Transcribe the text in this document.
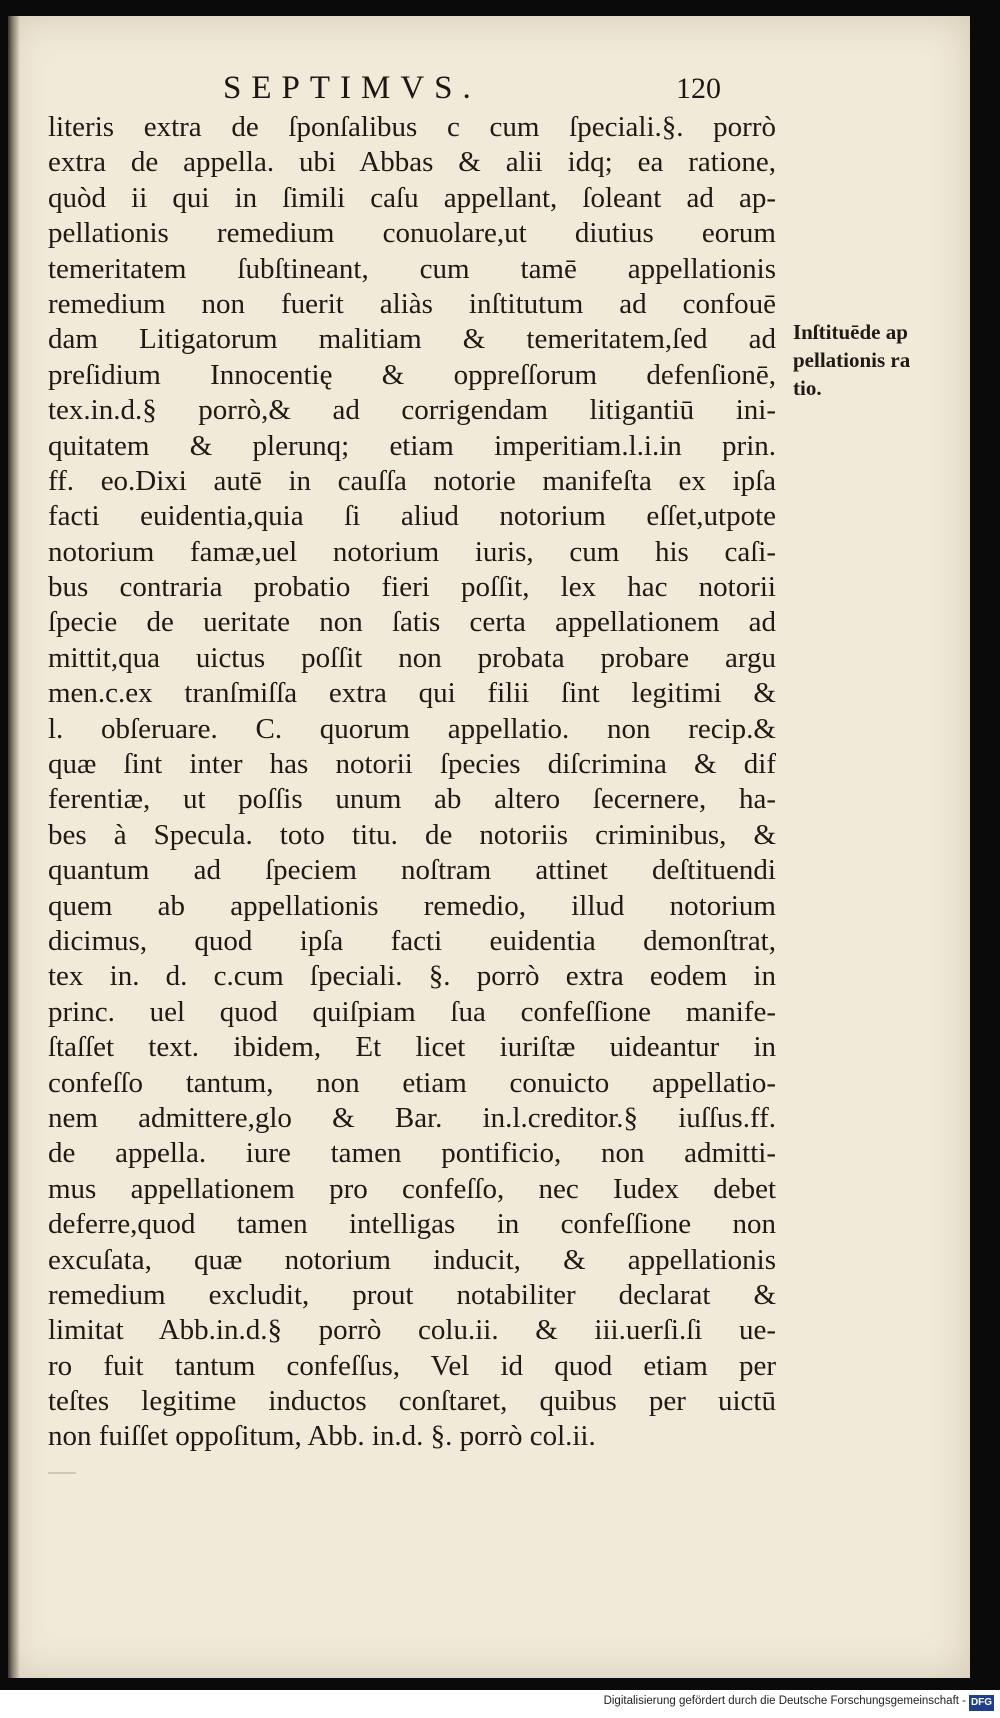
SEPTIMVS.	120
literis extra de ſponſalibus c cum ſpeciali.§. porrò
extra de appella. ubi Abbas & alii idq; ea ratione,
quòd ii qui in ſimili caſu appellant, ſoleant ad ap-
pellationis remedium conuolare,ut diutius eorum
temeritatem ſubſtineant, cum tamē appellationis
remedium non fuerit aliàs inſtitutum ad confouē
dam Litigatorum malitiam & temeritatem,ſed ad
preſidium Innocentię & oppreſſorum defenſionē,
tex.in.d.§ porrò,& ad corrigendam litigantiū ini-
quitatem & plerunq; etiam imperitiam.l.i.in prin.
ff. eo.Dixi autē in cauſſa notorie manifeſta ex ipſa
facti euidentia,quia ſi aliud notorium eſſet,utpote
notorium famæ,uel notorium iuris, cum his caſi-
bus contraria probatio fieri poſſit, lex hac notorii
ſpecie de ueritate non ſatis certa appellationem ad
mittit,qua uictus poſſit non probata probare argu
men.c.ex tranſmiſſa extra qui filii ſint legitimi &
l. obſeruare. C. quorum appellatio. non recip.&
quæ ſint inter has notorii ſpecies diſcrimina & dif
ferentiæ, ut poſſis unum ab altero ſecernere, ha-
bes à Specula. toto titu. de notoriis criminibus, &
quantum ad ſpeciem noſtram attinet deſtituendi
quem ab appellationis remedio, illud notorium
dicimus, quod ipſa facti euidentia demonſtrat,
tex in. d. c.cum ſpeciali. §. porrò extra eodem in
princ. uel quod quiſpiam ſua confeſſione manife-
ſtaſſet text. ibidem, Et licet iuriſtæ uideantur in
confeſſo tantum, non etiam conuicto appellatio-
nem admittere,glo & Bar. in.l.creditor.§ iuſſus.ff.
de appella. iure tamen pontificio, non admitti-
mus appellationem pro confeſſo, nec Iudex debet
deferre,quod tamen intelligas in confeſſione non
excuſata, quæ notorium inducit, & appellationis
remedium excludit, prout notabiliter declarat &
limitat Abb.in.d.§ porrò colu.ii. & iii.uerſi.ſi ue-
ro fuit tantum confeſſus, Vel id quod etiam per
teſtes legitime inductos conſtaret, quibus per uictū
non fuiſſet oppoſitum, Abb. in.d. §. porrò col.ii.
Inſtituēde ap
pellationis ra
tio.
Digitalisierung gefördert durch die Deutsche Forschungsgemeinschaft - DFG
